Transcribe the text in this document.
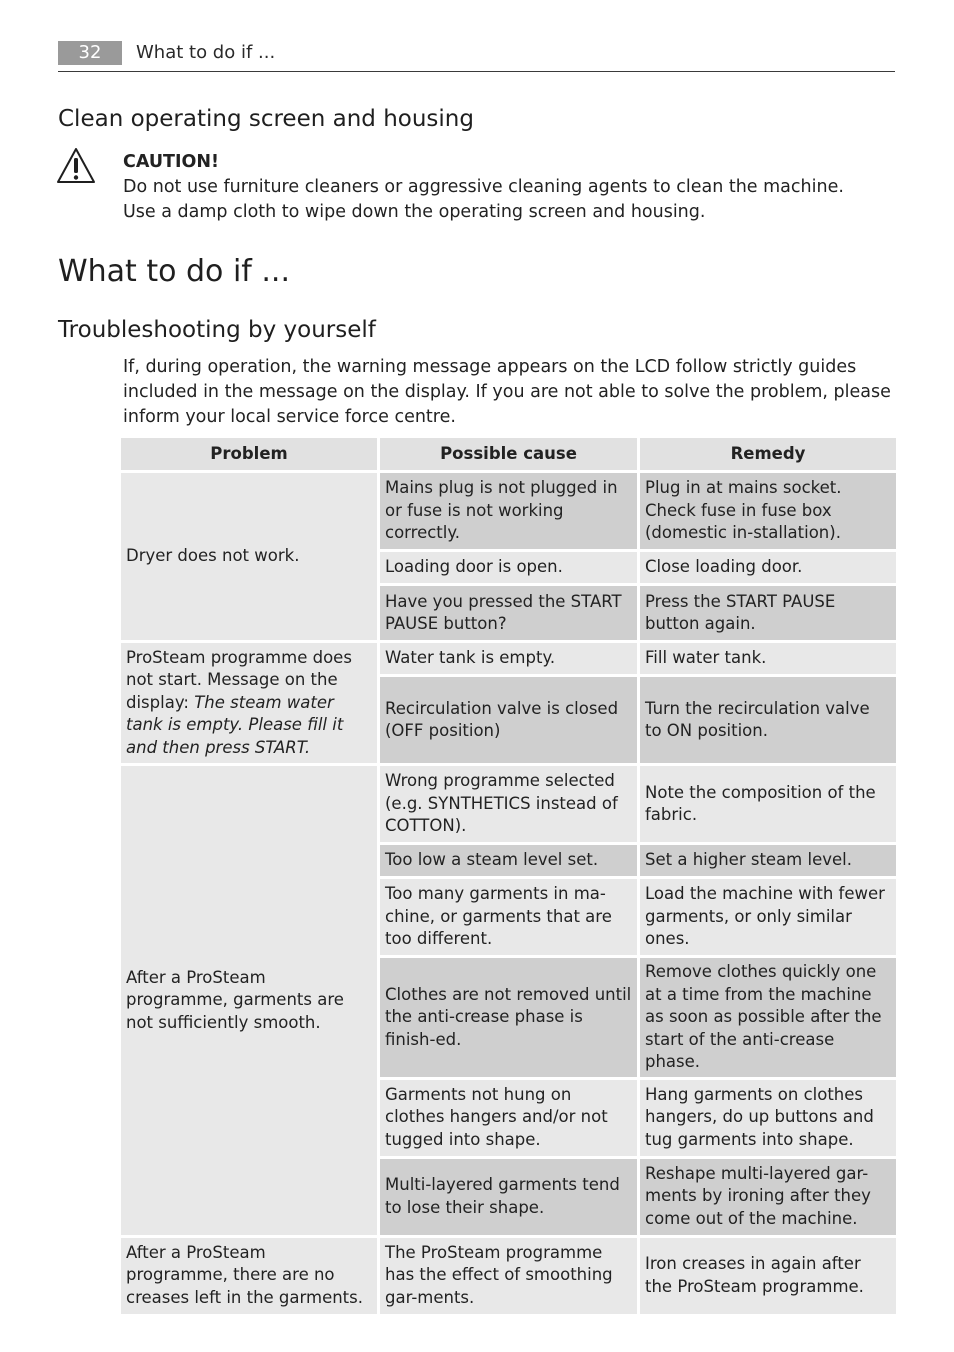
32	What to do if ...
Clean operating screen and housing
CAUTION!
Do not use furniture cleaners or aggressive cleaning agents to clean the machine.
Use a damp cloth to wipe down the operating screen and housing.
What to do if ...
Troubleshooting by yourself
If, during operation, the warning message appears on the LCD follow strictly guides included in the message on the display. If you are not able to solve the problem, please inform your local service force centre.
Problem	Possible cause	Remedy
Dryer does not work.	Mains plug is not plugged in or fuse is not working correctly.	Plug in at mains socket. Check fuse in fuse box (domestic in-stallation).
	Loading door is open.	Close loading door.
	Have you pressed the START PAUSE button?	Press the START PAUSE button again.
ProSteam programme does not start. Message on the display: The steam water tank is empty. Please fill it and then press START.	Water tank is empty.	Fill water tank.
	Recirculation valve is closed (OFF position)	Turn the recirculation valve to ON position.
After a ProSteam programme, garments are not sufficiently smooth.	Wrong programme selected (e.g. SYNTHETICS instead of COTTON).	Note the composition of the fabric.
	Too low a steam level set.	Set a higher steam level.
	Too many garments in ma-chine, or garments that are too different.	Load the machine with fewer garments, or only similar ones.
	Clothes are not removed until the anti-crease phase is finish-ed.	Remove clothes quickly one at a time from the machine as soon as possible after the start of the anti-crease phase.
	Garments not hung on clothes hangers and/or not tugged into shape.	Hang garments on clothes hangers, do up buttons and tug garments into shape.
	Multi-layered garments tend to lose their shape.	Reshape multi-layered gar-ments by ironing after they come out of the machine.
After a ProSteam programme, there are no creases left in the garments.	The ProSteam programme has the effect of smoothing gar-ments.	Iron creases in again after the ProSteam programme.
